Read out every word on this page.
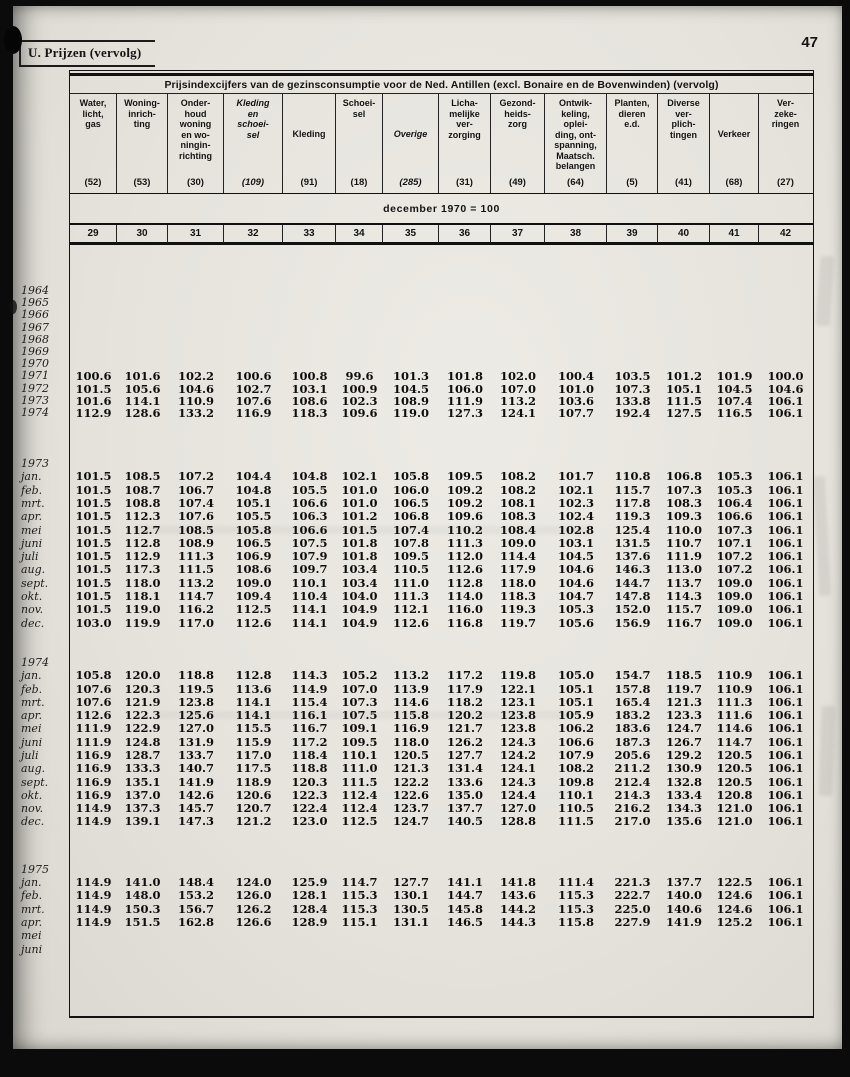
U. Prijzen (vervolg)
47
Prijsindexcijfers van de gezinsconsumptie voor de Ned. Antillen (excl. Bonaire en de Bovenwinden) (vervolg)
Water,
licht,
gas
(52)
Woning-
inrich-
ting
(53)
Onder-
houd
woning
en wo-
ningin-
richting
(30)
Kleding
en
schoei-
sel
(109)
Kleding
(91)
Schoei-
sel
(18)
Overige
(285)
Licha-
melijke
ver-
zorging
(31)
Gezond-
heids-
zorg
(49)
Ontwik-
keling,
oplei-
ding, ont-
spanning,
Maatsch.
belangen
(64)
Planten,
dieren
e.d.
(5)
Diverse
ver-
plich-
tingen
(41)
Verkeer
(68)
Ver-
zeke-
ringen
(27)
december 1970 = 100
29	30	31	32	33	34	35	36	37	38	39	40	41	42
1964
1965
1966
1967
1968
1969
1970
1971	100.6	101.6	102.2	100.6	100.8	99.6	101.3	101.8	102.0	100.4	103.5	101.2	101.9	100.0
1972	101.5	105.6	104.6	102.7	103.1	100.9	104.5	106.0	107.0	101.0	107.3	105.1	104.5	104.6
1973	101.6	114.1	110.9	107.6	108.6	102.3	108.9	111.9	113.2	103.6	133.8	111.5	107.4	106.1
1974	112.9	128.6	133.2	116.9	118.3	109.6	119.0	127.3	124.1	107.7	192.4	127.5	116.5	106.1
1973
jan.	101.5	108.5	107.2	104.4	104.8	102.1	105.8	109.5	108.2	101.7	110.8	106.8	105.3	106.1
feb.	101.5	108.7	106.7	104.8	105.5	101.0	106.0	109.2	108.2	102.1	115.7	107.3	105.3	106.1
mrt.	101.5	108.8	107.4	105.1	106.6	101.0	106.5	109.2	108.1	102.3	117.8	108.3	106.4	106.1
apr.	101.5	112.3	107.6	105.5	106.3	101.2	106.8	109.6	108.3	102.4	119.3	109.3	106.6	106.1
mei	101.5	112.7	108.5	105.8	106.6	101.5	107.4	110.2	108.4	102.8	125.4	110.0	107.3	106.1
juni	101.5	112.8	108.9	106.5	107.5	101.8	107.8	111.3	109.0	103.1	131.5	110.7	107.1	106.1
juli	101.5	112.9	111.3	106.9	107.9	101.8	109.5	112.0	114.4	104.5	137.6	111.9	107.2	106.1
aug.	101.5	117.3	111.5	108.6	109.7	103.4	110.5	112.6	117.9	104.6	146.3	113.0	107.2	106.1
sept.	101.5	118.0	113.2	109.0	110.1	103.4	111.0	112.8	118.0	104.6	144.7	113.7	109.0	106.1
okt.	101.5	118.1	114.7	109.4	110.4	104.0	111.3	114.0	118.3	104.7	147.8	114.3	109.0	106.1
nov.	101.5	119.0	116.2	112.5	114.1	104.9	112.1	116.0	119.3	105.3	152.0	115.7	109.0	106.1
dec.	103.0	119.9	117.0	112.6	114.1	104.9	112.6	116.8	119.7	105.6	156.9	116.7	109.0	106.1
1974
jan.	105.8	120.0	118.8	112.8	114.3	105.2	113.2	117.2	119.8	105.0	154.7	118.5	110.9	106.1
feb.	107.6	120.3	119.5	113.6	114.9	107.0	113.9	117.9	122.1	105.1	157.8	119.7	110.9	106.1
mrt.	107.6	121.9	123.8	114.1	115.4	107.3	114.6	118.2	123.1	105.1	165.4	121.3	111.3	106.1
apr.	112.6	122.3	125.6	114.1	116.1	107.5	115.8	120.2	123.8	105.9	183.2	123.3	111.6	106.1
mei	111.9	122.9	127.0	115.5	116.7	109.1	116.9	121.7	123.8	106.2	183.6	124.7	114.6	106.1
juni	111.9	124.8	131.9	115.9	117.2	109.5	118.0	126.2	124.3	106.6	187.3	126.7	114.7	106.1
juli	116.9	128.7	133.7	117.0	118.4	110.1	120.5	127.7	124.2	107.9	205.6	129.2	120.5	106.1
aug.	116.9	133.3	140.7	117.5	118.8	111.0	121.3	131.4	124.1	108.2	211.2	130.9	120.5	106.1
sept.	116.9	135.1	141.9	118.9	120.3	111.5	122.2	133.6	124.3	109.8	212.4	132.8	120.5	106.1
okt.	116.9	137.0	142.6	120.6	122.3	112.4	122.6	135.0	124.4	110.1	214.3	133.4	120.8	106.1
nov.	114.9	137.3	145.7	120.7	122.4	112.4	123.7	137.7	127.0	110.5	216.2	134.3	121.0	106.1
dec.	114.9	139.1	147.3	121.2	123.0	112.5	124.7	140.5	128.8	111.5	217.0	135.6	121.0	106.1
1975
jan.	114.9	141.0	148.4	124.0	125.9	114.7	127.7	141.1	141.8	111.4	221.3	137.7	122.5	106.1
feb.	114.9	148.0	153.2	126.0	128.1	115.3	130.1	144.7	143.6	115.3	222.7	140.0	124.6	106.1
mrt.	114.9	150.3	156.7	126.2	128.4	115.3	130.5	145.8	144.2	115.3	225.0	140.6	124.6	106.1
apr.	114.9	151.5	162.8	126.6	128.9	115.1	131.1	146.5	144.3	115.8	227.9	141.9	125.2	106.1
mei
juni
